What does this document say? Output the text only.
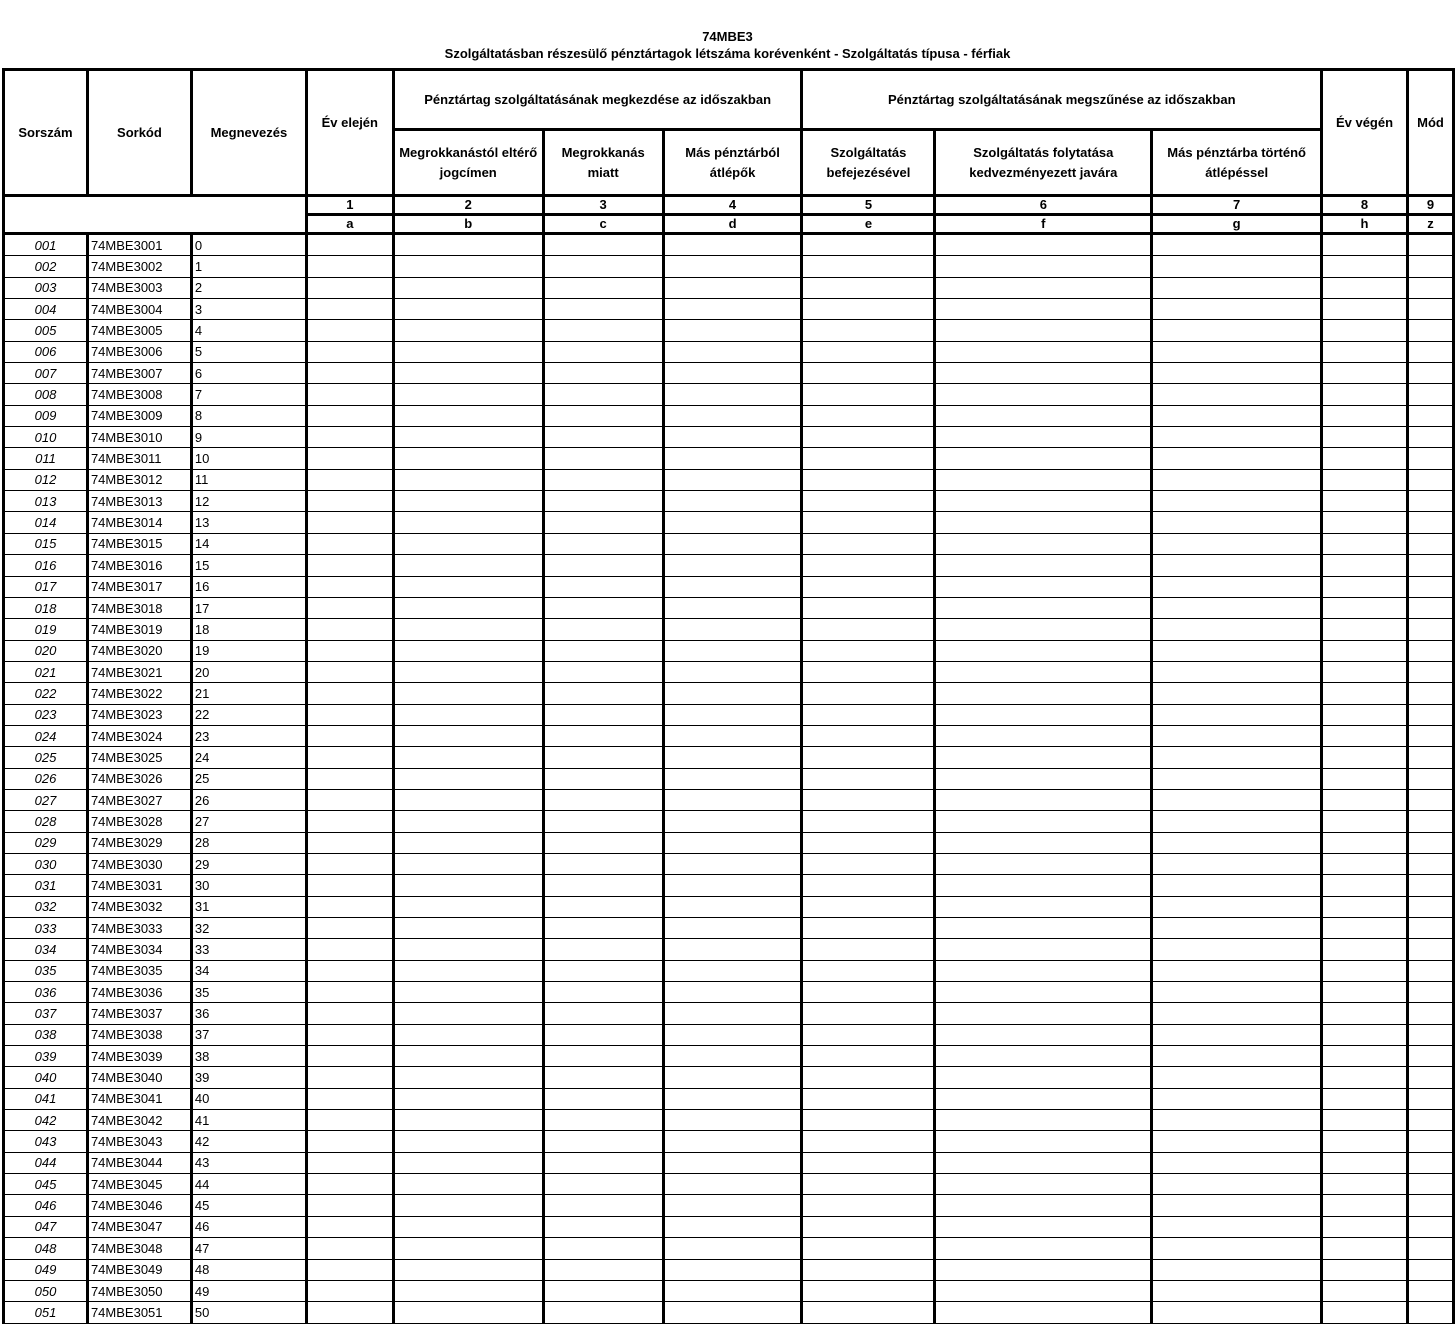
74MBE3
Szolgáltatásban részesülő pénztártagok létszáma korévenként - Szolgáltatás típusa - férfiak
Sorszám	Sorkód	Megnevezés	Év elején	Pénztártag szolgáltatásának megkezdése az időszakban			Pénztártag szolgáltatásának megszűnése az időszakban			Év végén	Mód
				Megrokkanástól eltérő jogcímen	Megrokkanás miatt	Más pénztárból átlépők	Szolgáltatás befejezésével	Szolgáltatás folytatása kedvezményezett javára	Más pénztárba történő átlépéssel		
			1	2	3	4	5	6	7	8	9
			a	b	c	d	e	f	g	h	z
001	74MBE3001	0									
002	74MBE3002	1									
003	74MBE3003	2									
004	74MBE3004	3									
005	74MBE3005	4									
006	74MBE3006	5									
007	74MBE3007	6									
008	74MBE3008	7									
009	74MBE3009	8									
010	74MBE3010	9									
011	74MBE3011	10									
012	74MBE3012	11									
013	74MBE3013	12									
014	74MBE3014	13									
015	74MBE3015	14									
016	74MBE3016	15									
017	74MBE3017	16									
018	74MBE3018	17									
019	74MBE3019	18									
020	74MBE3020	19									
021	74MBE3021	20									
022	74MBE3022	21									
023	74MBE3023	22									
024	74MBE3024	23									
025	74MBE3025	24									
026	74MBE3026	25									
027	74MBE3027	26									
028	74MBE3028	27									
029	74MBE3029	28									
030	74MBE3030	29									
031	74MBE3031	30									
032	74MBE3032	31									
033	74MBE3033	32									
034	74MBE3034	33									
035	74MBE3035	34									
036	74MBE3036	35									
037	74MBE3037	36									
038	74MBE3038	37									
039	74MBE3039	38									
040	74MBE3040	39									
041	74MBE3041	40									
042	74MBE3042	41									
043	74MBE3043	42									
044	74MBE3044	43									
045	74MBE3045	44									
046	74MBE3046	45									
047	74MBE3047	46									
048	74MBE3048	47									
049	74MBE3049	48									
050	74MBE3050	49									
051	74MBE3051	50									
